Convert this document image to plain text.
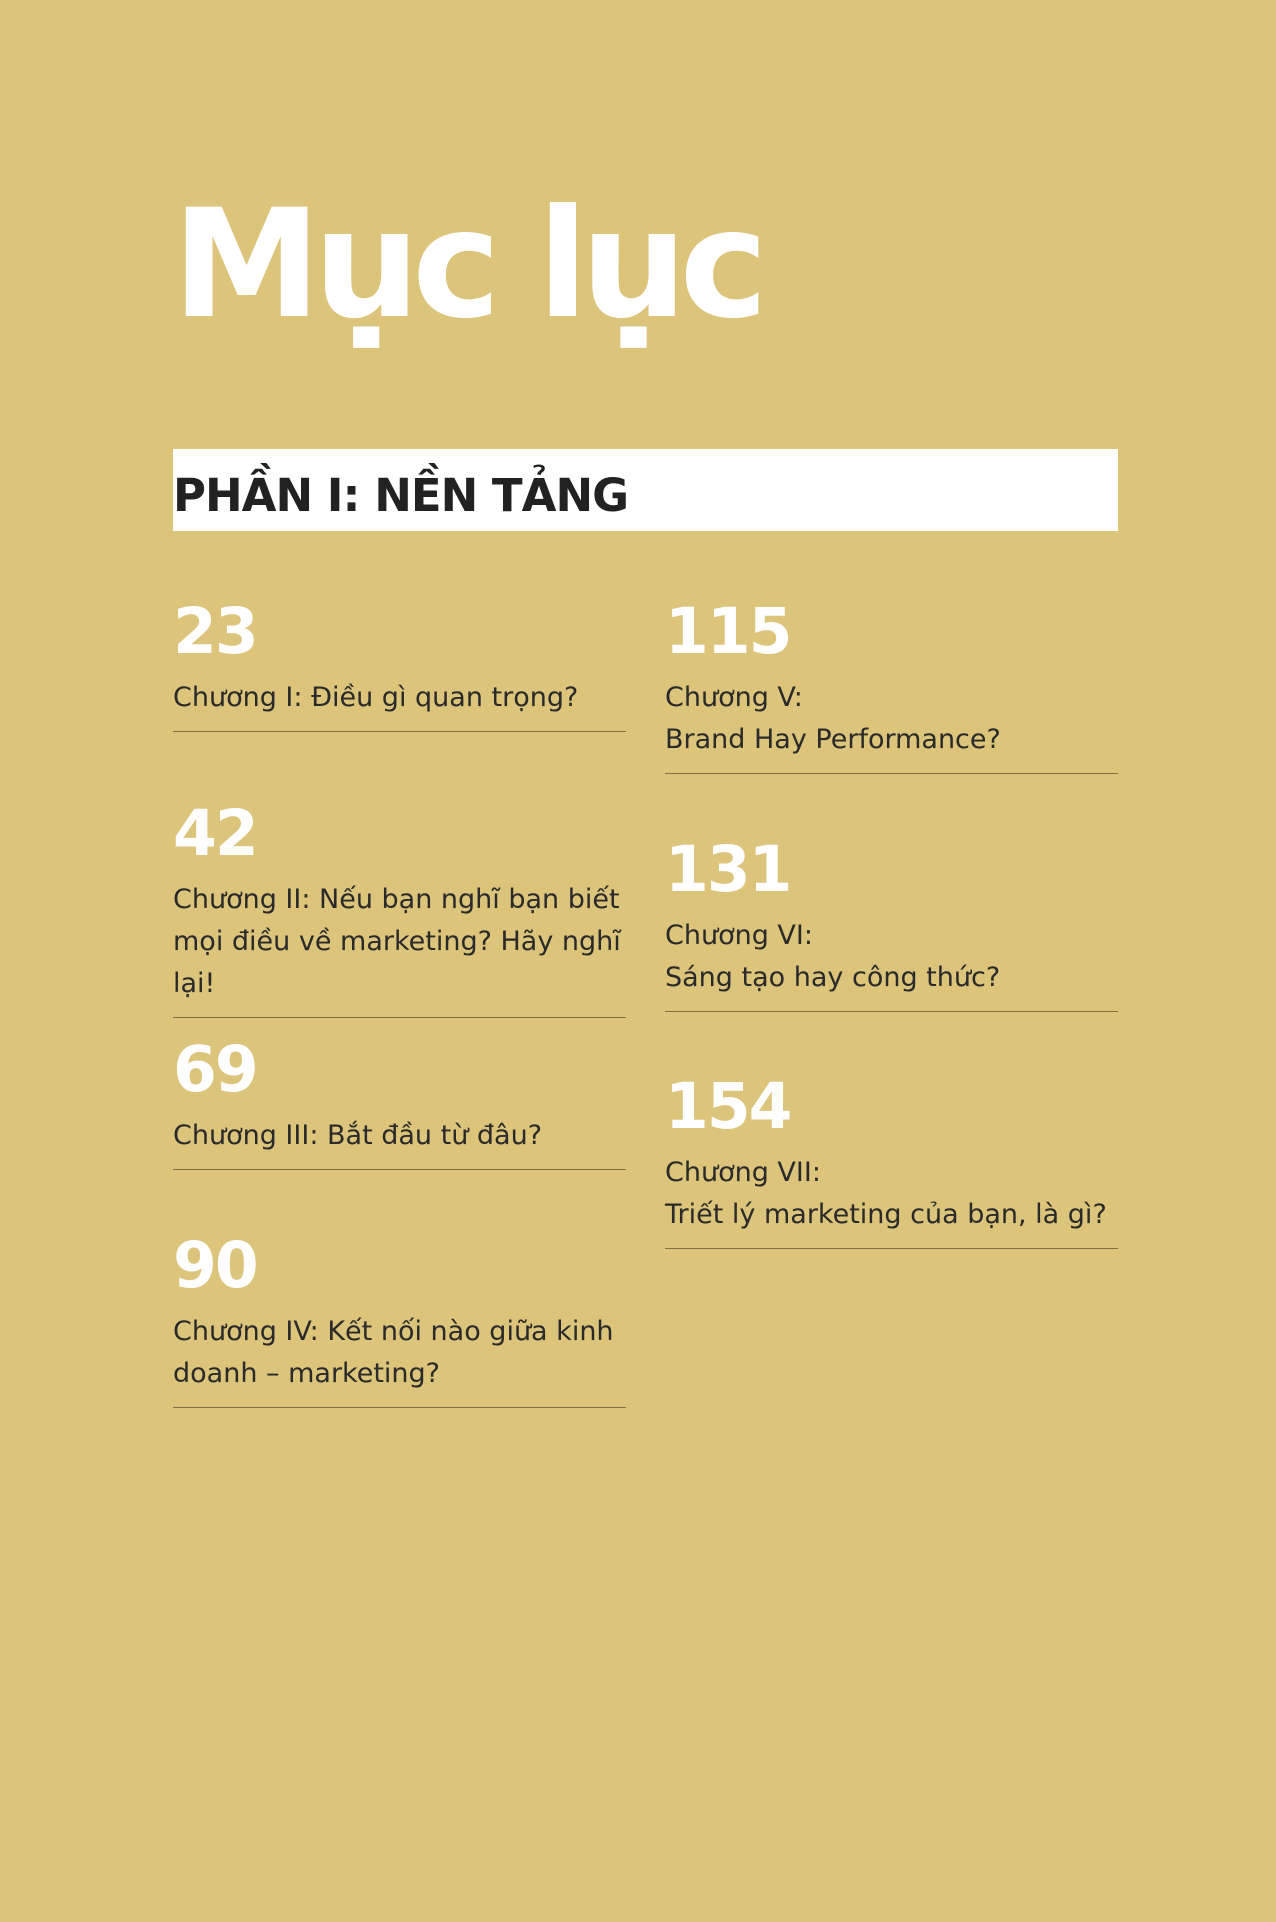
Mục lục
PHẦN I: NỀN TẢNG
23
Chương I: Điều gì quan trọng?
42
Chương II: Nếu bạn nghĩ bạn biết
mọi điều về marketing? Hãy nghĩ lại!
69
Chương III: Bắt đầu từ đâu?
90
Chương IV: Kết nối nào giữa kinh
doanh – marketing?
115
Chương V:
Brand Hay Performance?
131
Chương VI:
Sáng tạo hay công thức?
154
Chương VII:
Triết lý marketing của bạn, là gì?
